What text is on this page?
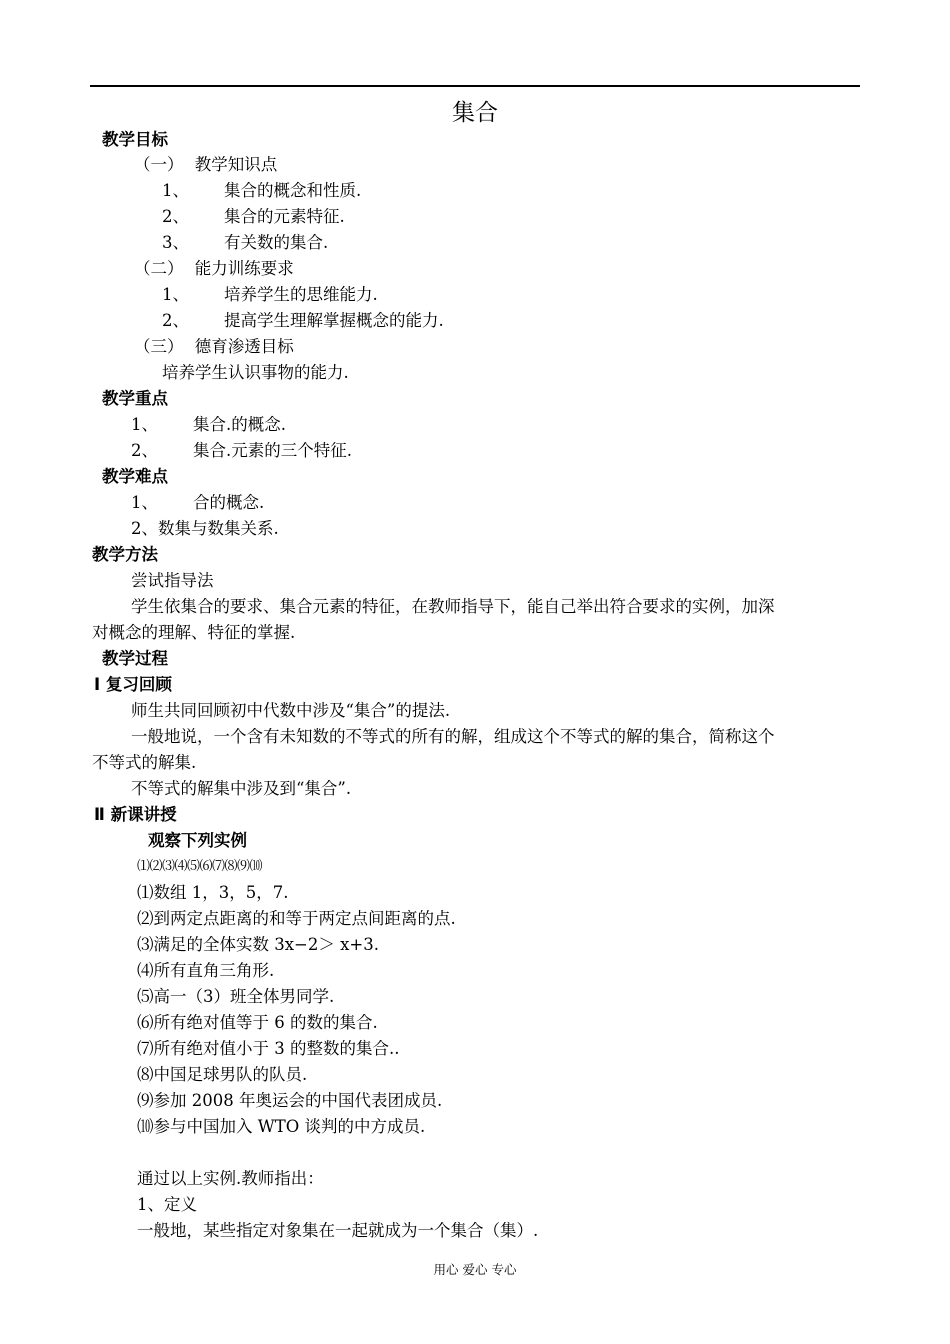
集合
教学目标
（一） 教学知识点
1、 集合的概念和性质.
2、 集合的元素特征.
3、 有关数的集合.
（二） 能力训练要求
1、 培养学生的思维能力.
2、 提高学生理解掌握概念的能力.
（三） 德育渗透目标
培养学生认识事物的能力.
教学重点
1、 集合.的概念.
2、 集合.元素的三个特征.
教学难点
1、 合的概念.
2、数集与数集关系.
教学方法
尝试指导法
学生依集合的要求、集合元素的特征，在教师指导下，能自己举出符合要求的实例，加深
对概念的理解、特征的掌握.
教学过程
Ⅰ 复习回顾
师生共同回顾初中代数中涉及“集合”的提法.
一般地说，一个含有未知数的不等式的所有的解，组成这个不等式的解的集合，简称这个
不等式的解集.
不等式的解集中涉及到“集合”.
Ⅱ 新课讲授
观察下列实例
⑴⑵⑶⑷⑸⑹⑺⑻⑼⑽
⑴数组 1，3，5，7.
⑵到两定点距离的和等于两定点间距离的点.
⑶满足的全体实数 3x−2＞ x+3.
⑷所有直角三角形.
⑸高一（3）班全体男同学.
⑹所有绝对值等于 6 的数的集合.
⑺所有绝对值小于 3 的整数的集合..
⑻中国足球男队的队员.
⑼参加 2008 年奥运会的中国代表团成员.
⑽参与中国加入 WTO 谈判的中方成员.
通过以上实例.教师指出：
1、定义
一般地，某些指定对象集在一起就成为一个集合（集）.
用心 爱心 专心
